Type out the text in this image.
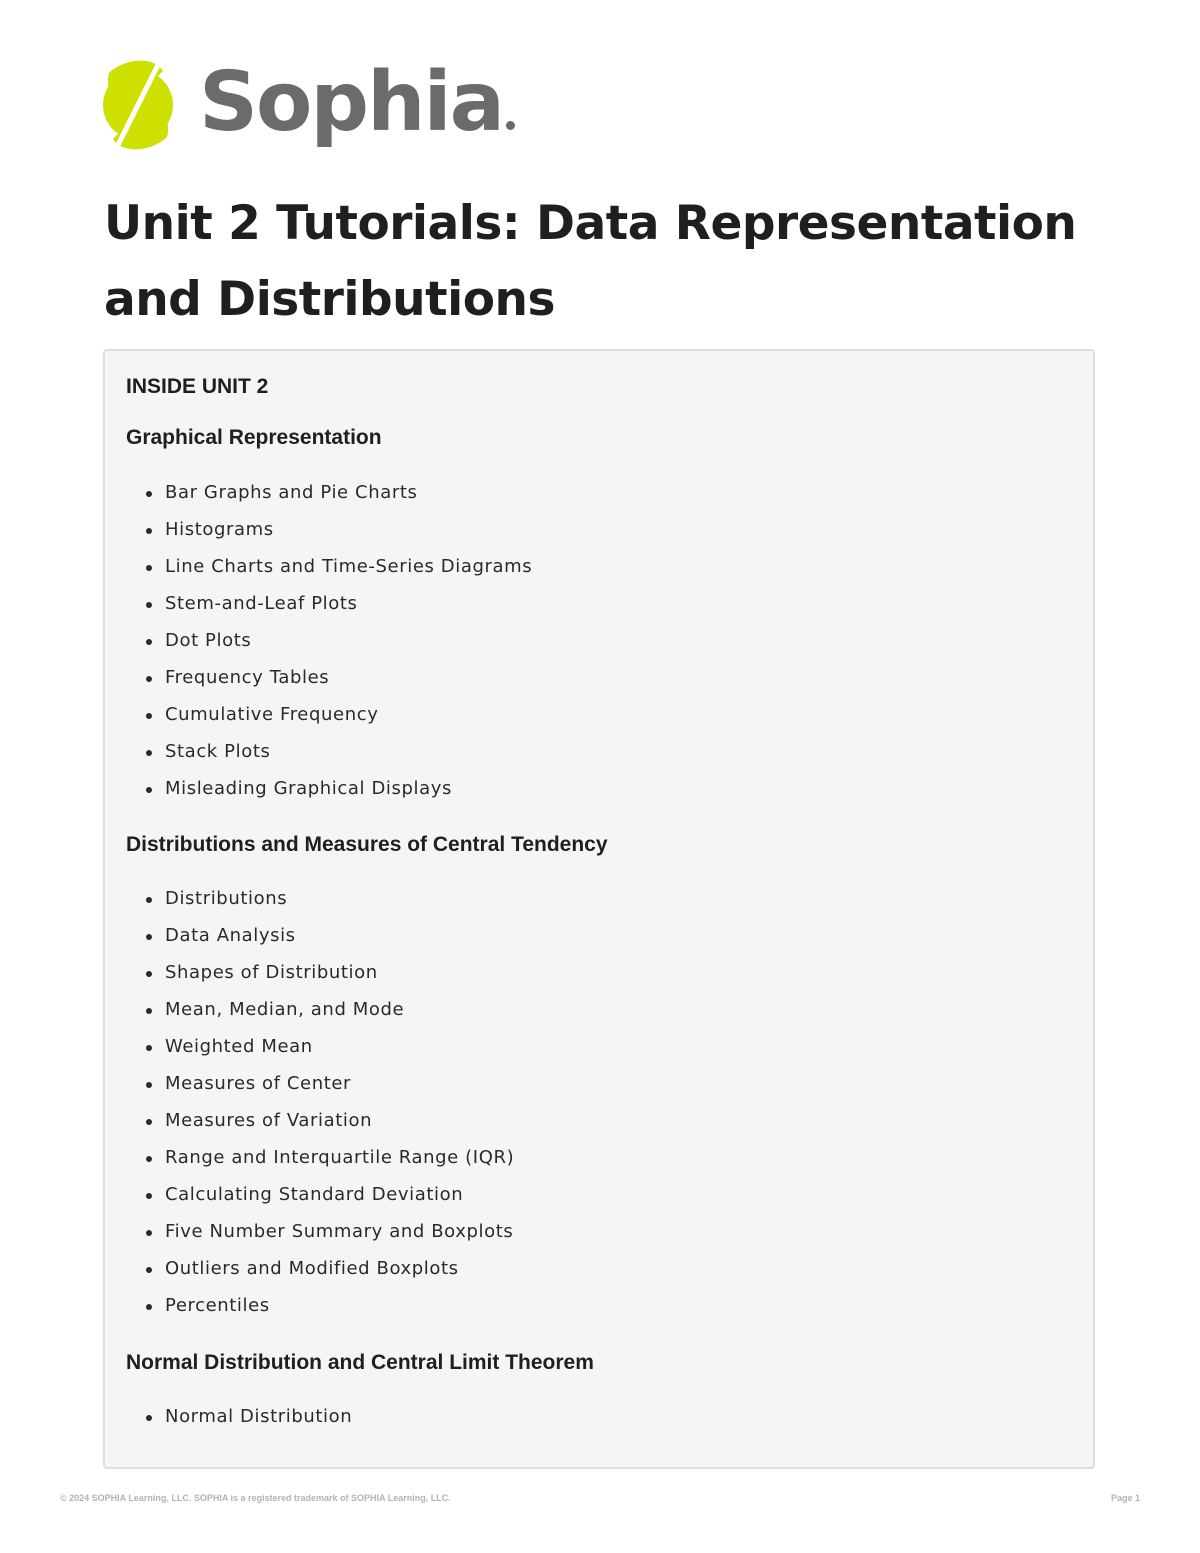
Sophia
Unit 2 Tutorials: Data Representation and Distributions
INSIDE UNIT 2
Graphical Representation
Bar Graphs and Pie Charts
Histograms
Line Charts and Time-Series Diagrams
Stem-and-Leaf Plots
Dot Plots
Frequency Tables
Cumulative Frequency
Stack Plots
Misleading Graphical Displays
Distributions and Measures of Central Tendency
Distributions
Data Analysis
Shapes of Distribution
Mean, Median, and Mode
Weighted Mean
Measures of Center
Measures of Variation
Range and Interquartile Range (IQR)
Calculating Standard Deviation
Five Number Summary and Boxplots
Outliers and Modified Boxplots
Percentiles
Normal Distribution and Central Limit Theorem
Normal Distribution
© 2024 SOPHIA Learning, LLC. SOPHIA is a registered trademark of SOPHIA Learning, LLC.	Page 1
